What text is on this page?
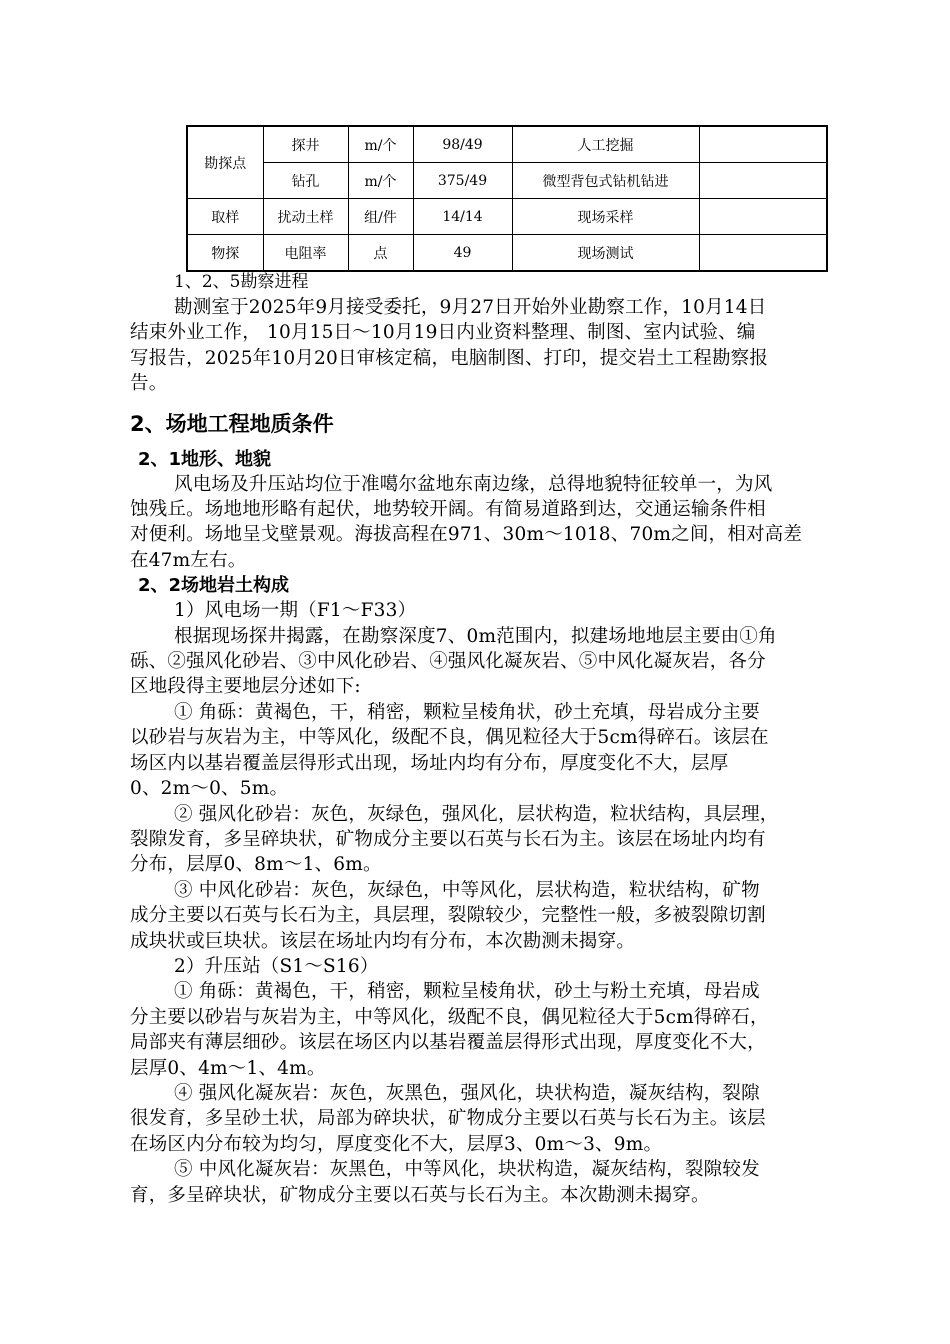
勘探点	探井	m/个	98/49	人工挖掘	
	钻孔	m/个	375/49	微型背包式钻机钻进	
取样	扰动土样	组/件	14/14	现场采样	
物探	电阻率	点	49	现场测试	
1、2、5勘察进程
勘测室于2025年9月接受委托，9月27日开始外业勘察工作，10月14日
结束外业工作， 10月15日～10月19日内业资料整理、制图、室内试验、编
写报告，2025年10月20日审核定稿，电脑制图、打印，提交岩土工程勘察报
告。
2、场地工程地质条件
2、1地形、地貌
风电场及升压站均位于准噶尔盆地东南边缘，总得地貌特征较单一，为风
蚀残丘。场地地形略有起伏，地势较开阔。有简易道路到达，交通运输条件相
对便利。场地呈戈壁景观。海拔高程在971、30m～1018、70m之间，相对高差
在47m左右。
2、2场地岩土构成
1）风电场一期（F1～F33）
根据现场探井揭露，在勘察深度7、0m范围内，拟建场地地层主要由①角
砾、②强风化砂岩、③中风化砂岩、④强风化凝灰岩、⑤中风化凝灰岩，各分
区地段得主要地层分述如下:
① 角砾：黄褐色，干，稍密，颗粒呈棱角状，砂土充填，母岩成分主要
以砂岩与灰岩为主，中等风化，级配不良，偶见粒径大于5cm得碎石。该层在
场区内以基岩覆盖层得形式出现，场址内均有分布，厚度变化不大，层厚
0、2m～0、5m。
② 强风化砂岩：灰色，灰绿色，强风化，层状构造，粒状结构，具层理，
裂隙发育，多呈碎块状，矿物成分主要以石英与长石为主。该层在场址内均有
分布，层厚0、8m～1、6m。
③ 中风化砂岩：灰色，灰绿色，中等风化，层状构造，粒状结构，矿物
成分主要以石英与长石为主，具层理，裂隙较少，完整性一般，多被裂隙切割
成块状或巨块状。该层在场址内均有分布，本次勘测未揭穿。
2）升压站（S1～S16）
① 角砾：黄褐色，干，稍密，颗粒呈棱角状，砂土与粉土充填，母岩成
分主要以砂岩与灰岩为主，中等风化，级配不良，偶见粒径大于5cm得碎石，
局部夹有薄层细砂。该层在场区内以基岩覆盖层得形式出现，厚度变化不大，
层厚0、4m～1、4m。
④ 强风化凝灰岩：灰色，灰黑色，强风化，块状构造，凝灰结构，裂隙
很发育，多呈砂土状，局部为碎块状，矿物成分主要以石英与长石为主。该层
在场区内分布较为均匀，厚度变化不大，层厚3、0m～3、9m。
⑤ 中风化凝灰岩：灰黑色，中等风化，块状构造，凝灰结构，裂隙较发
育，多呈碎块状，矿物成分主要以石英与长石为主。本次勘测未揭穿。
